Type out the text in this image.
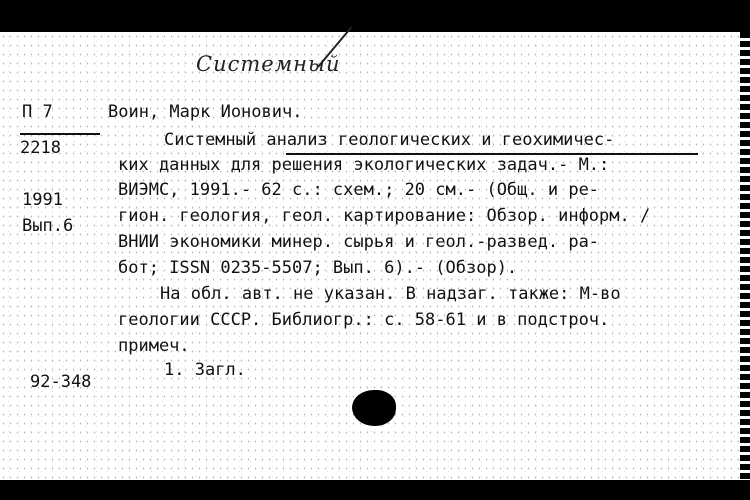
Системный
П 7
2218
1991
Вып.6
92-348
Воин, Марк Ионович.
Системный анализ геологических и геохимичес-
ких данных для решения экологических задач.- М.:
ВИЭМС, 1991.- 62 с.: схем.; 20 см.- (Общ. и ре-
гион. геология, геол. картирование: Обзор. информ. /
ВНИИ экономики минер. сырья и геол.-развед. ра-
бот; ISSN 0235-5507; Вып. 6).- (Обзор).
На обл. авт. не указан. В надзаг. также: М-во
геологии СССР. Библиогр.: с. 58-61 и в подстроч.
примеч.
1. Загл.
